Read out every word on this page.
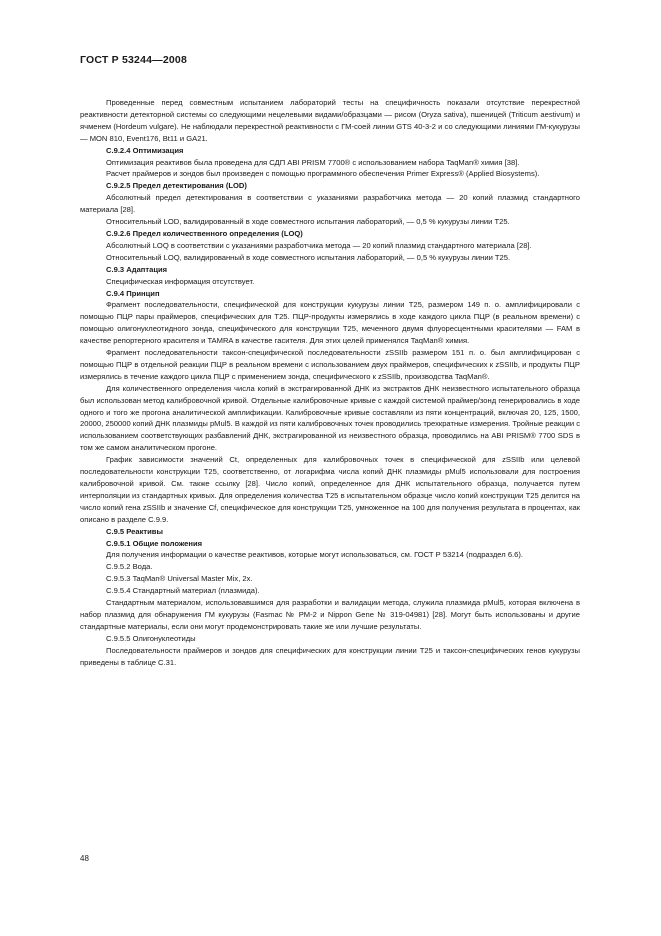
ГОСТ Р 53244—2008
Проведенные перед совместным испытанием лабораторий тесты на специфичность показали отсутствие перекрестной реактивности детекторной системы со следующими нецелевыми видами/образцами — рисом (Oryza sativa), пшеницей (Triticum aestivum) и ячменем (Hordeum vulgare). Не наблюдали перекрестной реактивности с ГМ-соей линии GTS 40-3-2 и со следующими линиями ГМ-кукурузы — MON 810, Event176, Bt11 и GA21.
С.9.2.4 Оптимизация
Оптимизация реактивов была проведена для СДП ABI PRISM 7700® с использованием набора TaqMan® химия [38].
Расчет праймеров и зондов был произведен с помощью программного обеспечения Primer Express® (Applied Biosystems).
С.9.2.5 Предел детектирования (LOD)
Абсолютный предел детектирования в соответствии с указаниями разработчика метода — 20 копий плазмид стандартного материала [28].
Относительный LOD, валидированный в ходе совместного испытания лабораторий, — 0,5 % кукурузы линии Т25.
С.9.2.6 Предел количественного определения (LOQ)
Абсолютный LOQ в соответствии с указаниями разработчика метода — 20 копий плазмид стандартного материала [28].
Относительный LOQ, валидированный в ходе совместного испытания лабораторий, — 0,5 % кукурузы линии Т25.
С.9.3 Адаптация
Специфическая информация отсутствует.
С.9.4 Принцип
Фрагмент последовательности, специфической для конструкции кукурузы линии Т25, размером 149 п. о. амплифицировали с помощью ПЦР пары праймеров, специфических для Т25. ПЦР-продукты измерялись в ходе каждого цикла ПЦР (в реальном времени) с помощью олигонуклеотидного зонда, специфического для конструкции Т25, меченного двумя флуоресцентными красителями — FAM в качестве репортерного красителя и TAMRA в качестве гасителя. Для этих целей применялся TaqMan® химия.
Фрагмент последовательности таксон-специфической последовательности zSSIIb размером 151 п. о. был амплифицирован с помощью ПЦР в отдельной реакции ПЦР в реальном времени с использованием двух праймеров, специфических к zSSIIb, и продукты ПЦР измерялись в течение каждого цикла ПЦР с применением зонда, специфического к zSSIIb, производства TaqMan®.
Для количественного определения числа копий в экстрагированной ДНК из экстрактов ДНК неизвестного испытательного образца был использован метод калибровочной кривой. Отдельные калибровочные кривые с каждой системой праймер/зонд генерировались в ходе одного и того же прогона аналитической амплификации. Калибровочные кривые составляли из пяти концентраций, включая 20, 125, 1500, 20000, 250000 копий ДНК плазмиды pMul5. В каждой из пяти калибровочных точек проводились трехкратные измерения. Тройные реакции с использованием соответствующих разбавлений ДНК, экстрагированной из неизвестного образца, проводились на ABI PRISM® 7700 SDS в том же самом аналитическом прогоне.
График зависимости значений Ct, определенных для калибровочных точек в специфической для zSSIIb или целевой последовательности конструкции Т25, соответственно, от логарифма числа копий ДНК плазмиды pMul5 использовали для построения калибровочной кривой. См. также ссылку [28]. Число копий, определенное для ДНК испытательного образца, получается путем интерполяции из стандартных кривых. Для определения количества Т25 в испытательном образце число копий конструкции Т25 делится на число копий гена zSSIIb и значение Cf, специфическое для конструкции Т25, умноженное на 100 для получения результата в процентах, как описано в разделе С.9.9.
С.9.5 Реактивы
С.9.5.1 Общие положения
Для получения информации о качестве реактивов, которые могут использоваться, см. ГОСТ Р 53214 (подраздел 6.6).
С.9.5.2 Вода.
С.9.5.3 TaqMan® Universal Master Mix, 2x.
С.9.5.4 Стандартный материал (плазмида).
Стандартным материалом, использовавшимся для разработки и валидации метода, служила плазмида pMul5, которая включена в набор плазмид для обнаружения ГМ кукурузы (Fasmac № PM-2 и Nippon Gene № 319-04981) [28]. Могут быть использованы и другие стандартные материалы, если они могут продемонстрировать такие же или лучшие результаты.
С.9.5.5 Олигонуклеотиды
Последовательности праймеров и зондов для специфических для конструкции линии Т25 и таксон-специфических генов кукурузы приведены в таблице С.31.
48
